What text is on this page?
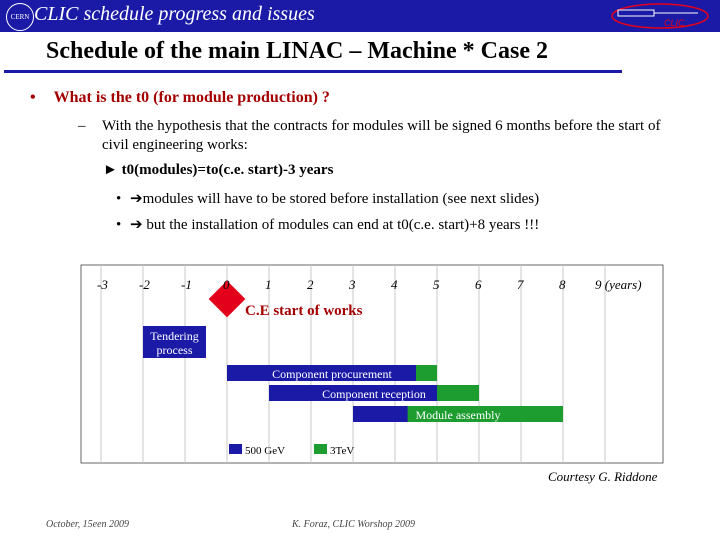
CERN CLIC schedule progress and issues	CLIC
Schedule of the main LINAC – Machine * Case 2
• What is the t0 (for module production) ?
– With the hypothesis that the contracts for modules will be signed 6 months before the start of civil engineering works:
► t0(modules)=to(c.e. start)-3 years
• ➔modules will have to be stored before installation (see next slides)
• ➔ but the installation of modules can end at t0(c.e. start)+8 years !!!
C.E start of works
Tendering
process
Component procurement
Component reception
Module assembly
500 GeV	3TeV
-3 -2 -1 0	1	2	3	4	5	6	7	8 9 (years)
Courtesy G. Riddone
October, 15een 2009	K. Foraz, CLIC Worshop 2009
